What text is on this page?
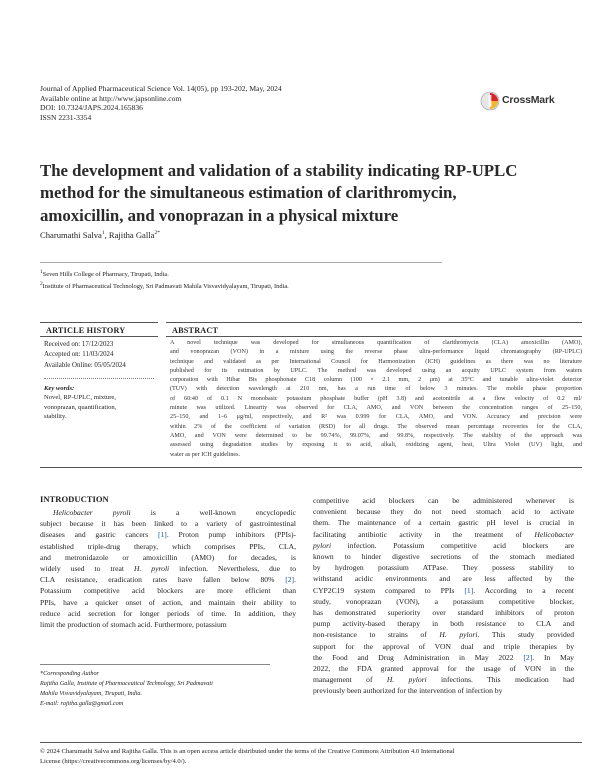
Journal of Applied Pharmaceutical Science Vol. 14(05), pp 193-202, May, 2024
Available online at http://www.japsonline.com
DOI: 10.7324/JAPS.2024.165836
ISSN 2231-3354
CrossMark
The development and validation of a stability indicating RP-UPLC
method for the simultaneous estimation of clarithromycin,
amoxicillin, and vonoprazan in a physical mixture
Charumathi Salva$^1$, Rajitha Galla$^{2*}$
$^1$Seven Hills College of Pharmacy, Tirupati, India.
$^2$Institute of Pharmaceutical Technology, Sri Padmavati Mahila Visvavidyalayam, Tirupati, India.
ARTICLE HISTORY
Received on: 17/12/2023
Accepted on: 11/03/2024
Available Online: 05/05/2024
Key words:
Novel, RP-UPLC, mixture,
vonoprazan, quantification,
stability.
ABSTRACT
A novel technique was developed for simultaneous quantification of clarithromycin (CLA) amoxicillin (AMO),
and vonoprazan (VON) in a mixture using the reverse phase ultra-performance liquid chromatography (RP-UPLC)
technique and validated as per International Council for Harmonization (ICH) guidelines as there was no literature
published for its estimation by UPLC. The method was developed using an acquity UPLC system from waters
corporation with Hibar Bis phosphonate C18 column (100 × 2.1 mm, 2 μm) at 35°C and tunable ultra-violet detector
(TUV) with detection wavelength at 210 nm, has a run time of below 3 minutes. The mobile phase proportion
of 60:40 of 0.1 N monobasic potassium phosphate buffer (pH 3.8) and acetonitrile at a flow velocity of 0.2 ml/
minute was utilized. Linearity was observed for CLA, AMO, and VON between the concentration ranges of 25–150,
25–150, and 1–6 μg/ml, respectively, and R² was 0.999 for CLA, AMO, and VON. Accuracy and precision were
within 2% of the coefficient of variation (RSD) for all drugs. The observed mean percentage recoveries for the CLA,
AMO, and VON were determined to be 99.74%, 99.07%, and 99.8%, respectively. The stability of the approach was
assessed using degradation studies by exposing it to acid, alkali, oxidizing agent, heat, Ultra Violet (UV) light, and
water as per ICH guidelines.
INTRODUCTION
Helicobacter pyroli is a well-known encyclopedic
subject because it has been linked to a variety of gastrointestinal
diseases and gastric cancers [1]. Proton pump inhibitors (PPIs)-
established triple-drug therapy, which comprises PPIs, CLA,
and metronidazole or amoxicillin (AMO) for decades, is
widely used to treat H. pyroli infection. Nevertheless, due to
CLA resistance, eradication rates have fallen below 80% [2].
Potassium competitive acid blockers are more efficient than
PPIs, have a quicker onset of action, and maintain their ability to
reduce acid secretion for longer periods of time. In addition, they
limit the production of stomach acid. Furthermore, potassium
competitive acid blockers can be administered whenever is
convenient because they do not need stomach acid to activate
them. The maintenance of a certain gastric pH level is crucial in
facilitating antibiotic activity in the treatment of Helicobacter
pylori infection. Potassium competitive acid blockers are
known to hinder digestive secretions of the stomach mediated
by hydrogen potassium ATPase. They possess stability to
withstand acidic environments and are less affected by the
CYP2C19 system compared to PPIs [1]. According to a recent
study, vonoprazan (VON), a potassium competitive blocker,
has demonstrated superiority over standard inhibitors of proton
pump activity-based therapy in both resistance to CLA and
non-resistance to strains of H. pylori. This study provided
support for the approval of VON dual and triple therapies by
the Food and Drug Administration in May 2022 [2]. In May
2022, the FDA granted approval for the usage of VON in the
management of H. pylori infections. This medication had
previously been authorized for the intervention of infection by
*Corresponding Author
Rajitha Galla, Institute of Pharmaceutical Technology, Sri Padmavati
Mahila Visvavidyalayam, Tirupati, India.
E-mail: rajitha.galla@gmail.com
© 2024 Charumathi Salva and Rajitha Galla. This is an open access article distributed under the terms of the Creative Commons Attribution 4.0 International
License (https://creativecommons.org/licenses/by/4.0/).
